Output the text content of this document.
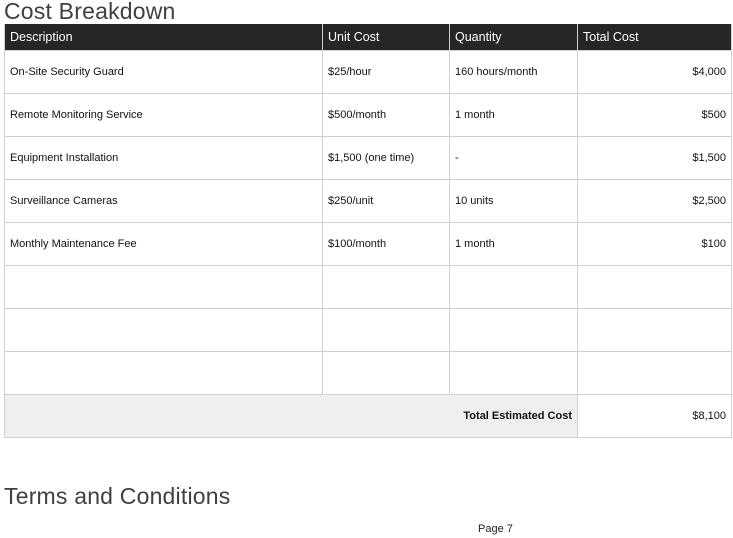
Cost Breakdown
Description	Unit Cost	Quantity	Total Cost
On-Site Security Guard	$25/hour	160 hours/month	$4,000
Remote Monitoring Service	$500/month	1 month	$500
Equipment Installation	$1,500 (one time)	-	$1,500
Surveillance Cameras	$250/unit	10 units	$2,500
Monthly Maintenance Fee	$100/month	1 month	$100

Total Estimated Cost			$8,100
Terms and Conditions
Page 7
